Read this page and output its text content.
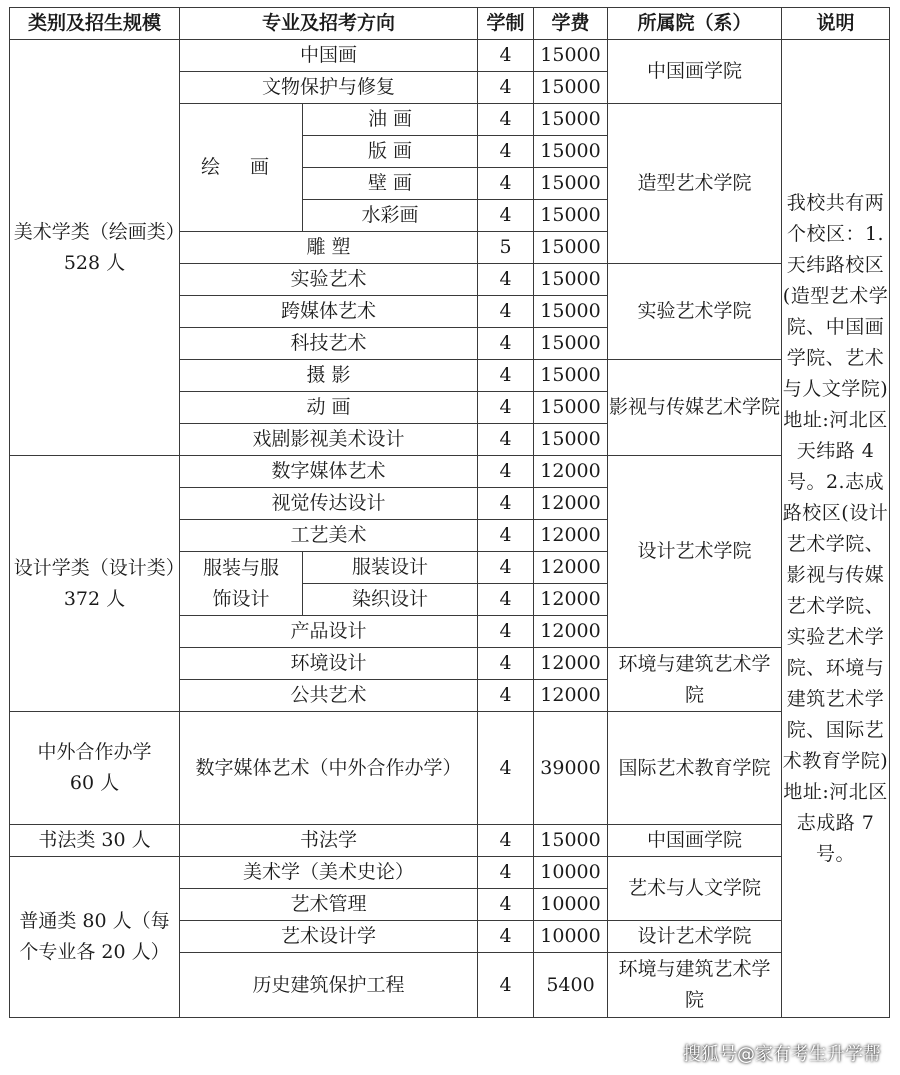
类别及招生规模	专业及招考方向		学制	学费	所属院（系）	说明
美术学类（绘画类）528 人	中国画		4	15000	中国画学院	我校共有两个校区：1.天纬路校区(造型艺术学院、中国画学院、艺术与人文学院)地址:河北区天纬路 4 号。2.志成路校区(设计艺术学院、影视与传媒艺术学院、实验艺术学院、环境与建筑艺术学院、国际艺术教育学院)地址:河北区志成路 7 号。
	文物保护与修复		4	15000		
	绘 画	油 画	4	15000	造型艺术学院	
		版 画	4	15000		
		壁 画	4	15000		
		水彩画	4	15000		
	雕 塑		5	15000		
	实验艺术		4	15000	实验艺术学院	
	跨媒体艺术		4	15000		
	科技艺术		4	15000		
	摄 影		4	15000	影视与传媒艺术学院	
	动 画		4	15000		
	戏剧影视美术设计		4	15000		
设计学类（设计类）372 人	数字媒体艺术		4	12000	设计艺术学院	
	视觉传达设计		4	12000		
	工艺美术		4	12000		
	服装与服饰设计	服装设计	4	12000		
		染织设计	4	12000		
	产品设计		4	12000		
	环境设计		4	12000	环境与建筑艺术学院	
	公共艺术		4	12000		
中外合作办学 60 人	数字媒体艺术（中外合作办学）		4	39000	国际艺术教育学院	
书法类 30 人	书法学		4	15000	中国画学院	
普通类 80 人（每个专业各 20 人）	美术学（美术史论）		4	10000	艺术与人文学院	
	艺术管理		4	10000		
	艺术设计学		4	10000	设计艺术学院	
	历史建筑保护工程		4	5400	环境与建筑艺术学院	
搜狐号@家有考生升学帮
